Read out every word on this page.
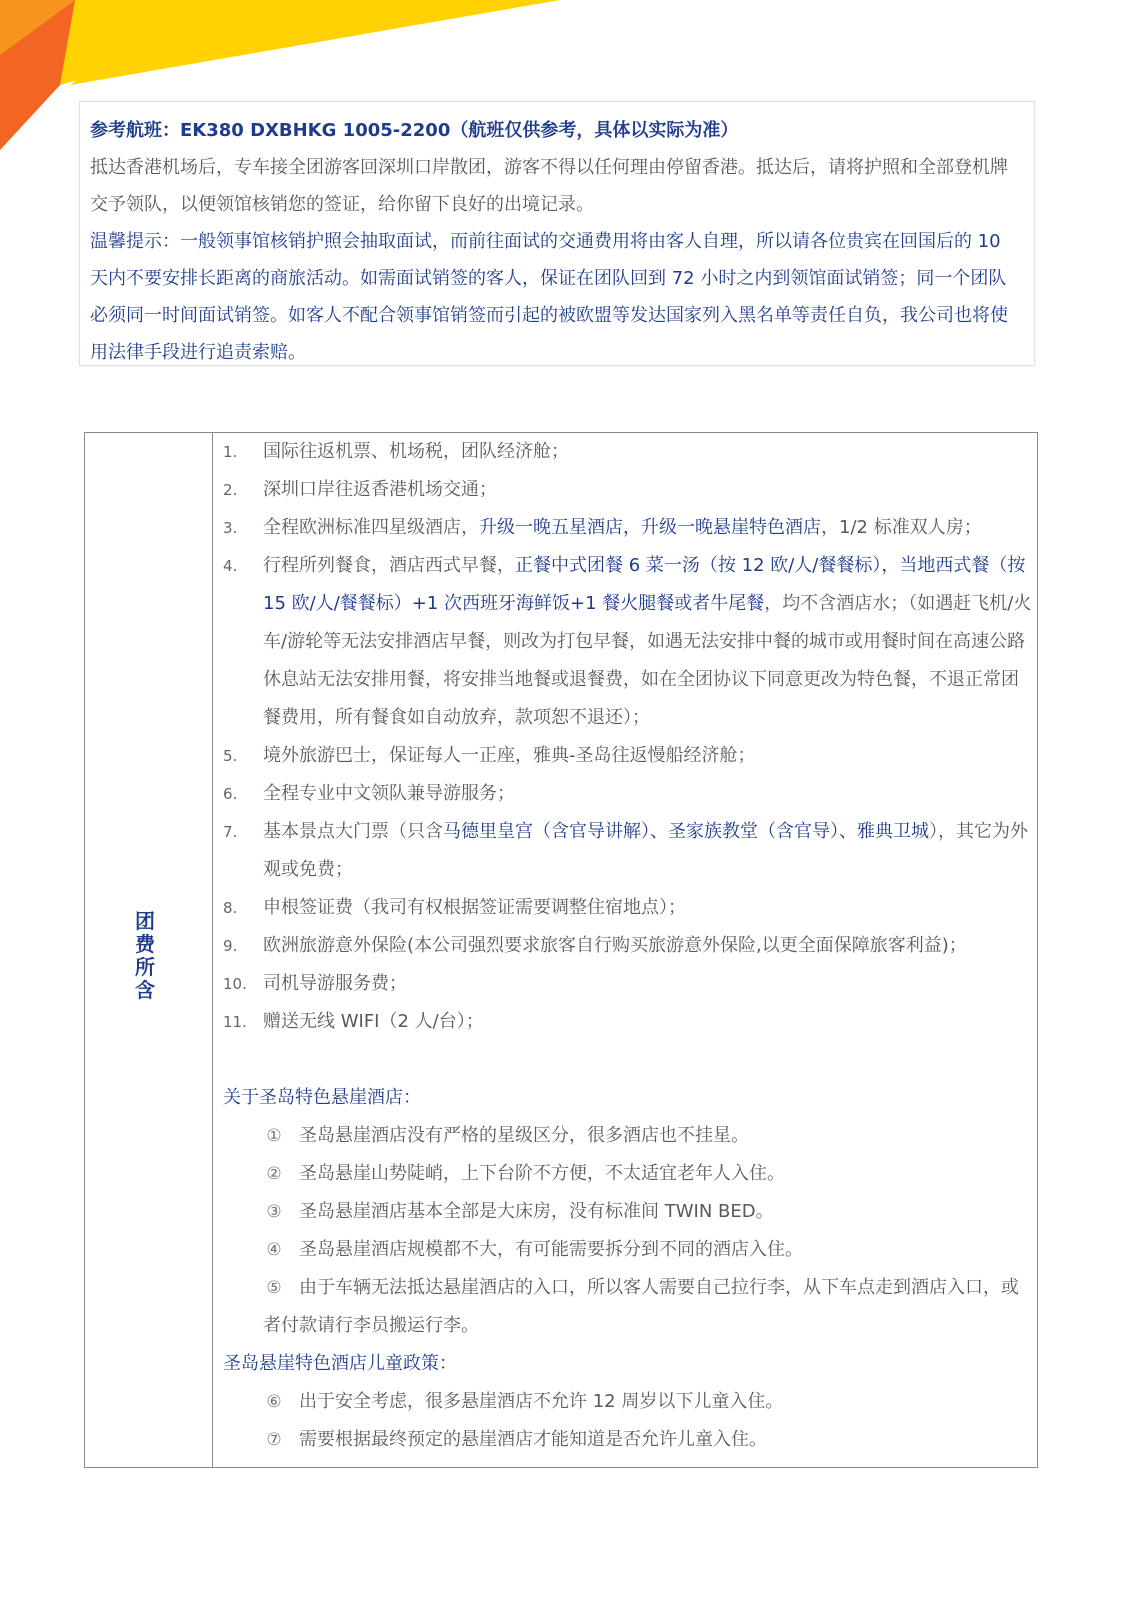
参考航班：EK380 DXBHKG 1005-2200（航班仅供参考，具体以实际为准）

抵达香港机场后，专车接全团游客回深圳口岸散团，游客不得以任何理由停留香港。抵达后，请将护照和全部登机牌交予领队，以便领馆核销您的签证，给你留下良好的出境记录。

温馨提示：一般领事馆核销护照会抽取面试，而前往面试的交通费用将由客人自理，所以请各位贵宾在回国后的 10 天内不要安排长距离的商旅活动。如需面试销签的客人，保证在团队回到 72 小时之内到领馆面试销签；同一个团队必须同一时间面试销签。如客人不配合领事馆销签而引起的被欧盟等发达国家列入黑名单等责任自负，我公司也将使用法律手段进行追责索赔。

团费所含
1. 国际往返机票、机场税，团队经济舱；
2. 深圳口岸往返香港机场交通；
3. 全程欧洲标准四星级酒店，升级一晚五星酒店，升级一晚悬崖特色酒店，1/2 标准双人房；
4. 行程所列餐食，酒店西式早餐，正餐中式团餐 6 菜一汤（按 12 欧/人/餐餐标），当地西式餐（按 15 欧/人/餐餐标）+1 次西班牙海鲜饭+1 餐火腿餐或者牛尾餐，均不含酒店水；（如遇赶飞机/火车/游轮等无法安排酒店早餐，则改为打包早餐，如遇无法安排中餐的城市或用餐时间在高速公路休息站无法安排用餐，将安排当地餐或退餐费，如在全团协议下同意更改为特色餐，不退正常团餐费用，所有餐食如自动放弃，款项恕不退还）；
5. 境外旅游巴士，保证每人一正座，雅典-圣岛往返慢船经济舱；
6. 全程专业中文领队兼导游服务；
7. 基本景点大门票（只含马德里皇宫（含官导讲解）、圣家族教堂（含官导）、雅典卫城），其它为外观或免费；
8. 申根签证费（我司有权根据签证需要调整住宿地点）；
9. 欧洲旅游意外保险(本公司强烈要求旅客自行购买旅游意外保险,以更全面保障旅客利益)；
10. 司机导游服务费；
11. 赠送无线 WIFI（2 人/台）；
关于圣岛特色悬崖酒店：
① 圣岛悬崖酒店没有严格的星级区分，很多酒店也不挂星。
② 圣岛悬崖山势陡峭，上下台阶不方便，不太适宜老年人入住。
③ 圣岛悬崖酒店基本全部是大床房，没有标准间 TWIN BED。
④ 圣岛悬崖酒店规模都不大，有可能需要拆分到不同的酒店入住。
⑤ 由于车辆无法抵达悬崖酒店的入口，所以客人需要自己拉行李，从下车点走到酒店入口，或者付款请行李员搬运行李。
圣岛悬崖特色酒店儿童政策：
⑥ 出于安全考虑，很多悬崖酒店不允许 12 周岁以下儿童入住。
⑦ 需要根据最终预定的悬崖酒店才能知道是否允许儿童入住。
